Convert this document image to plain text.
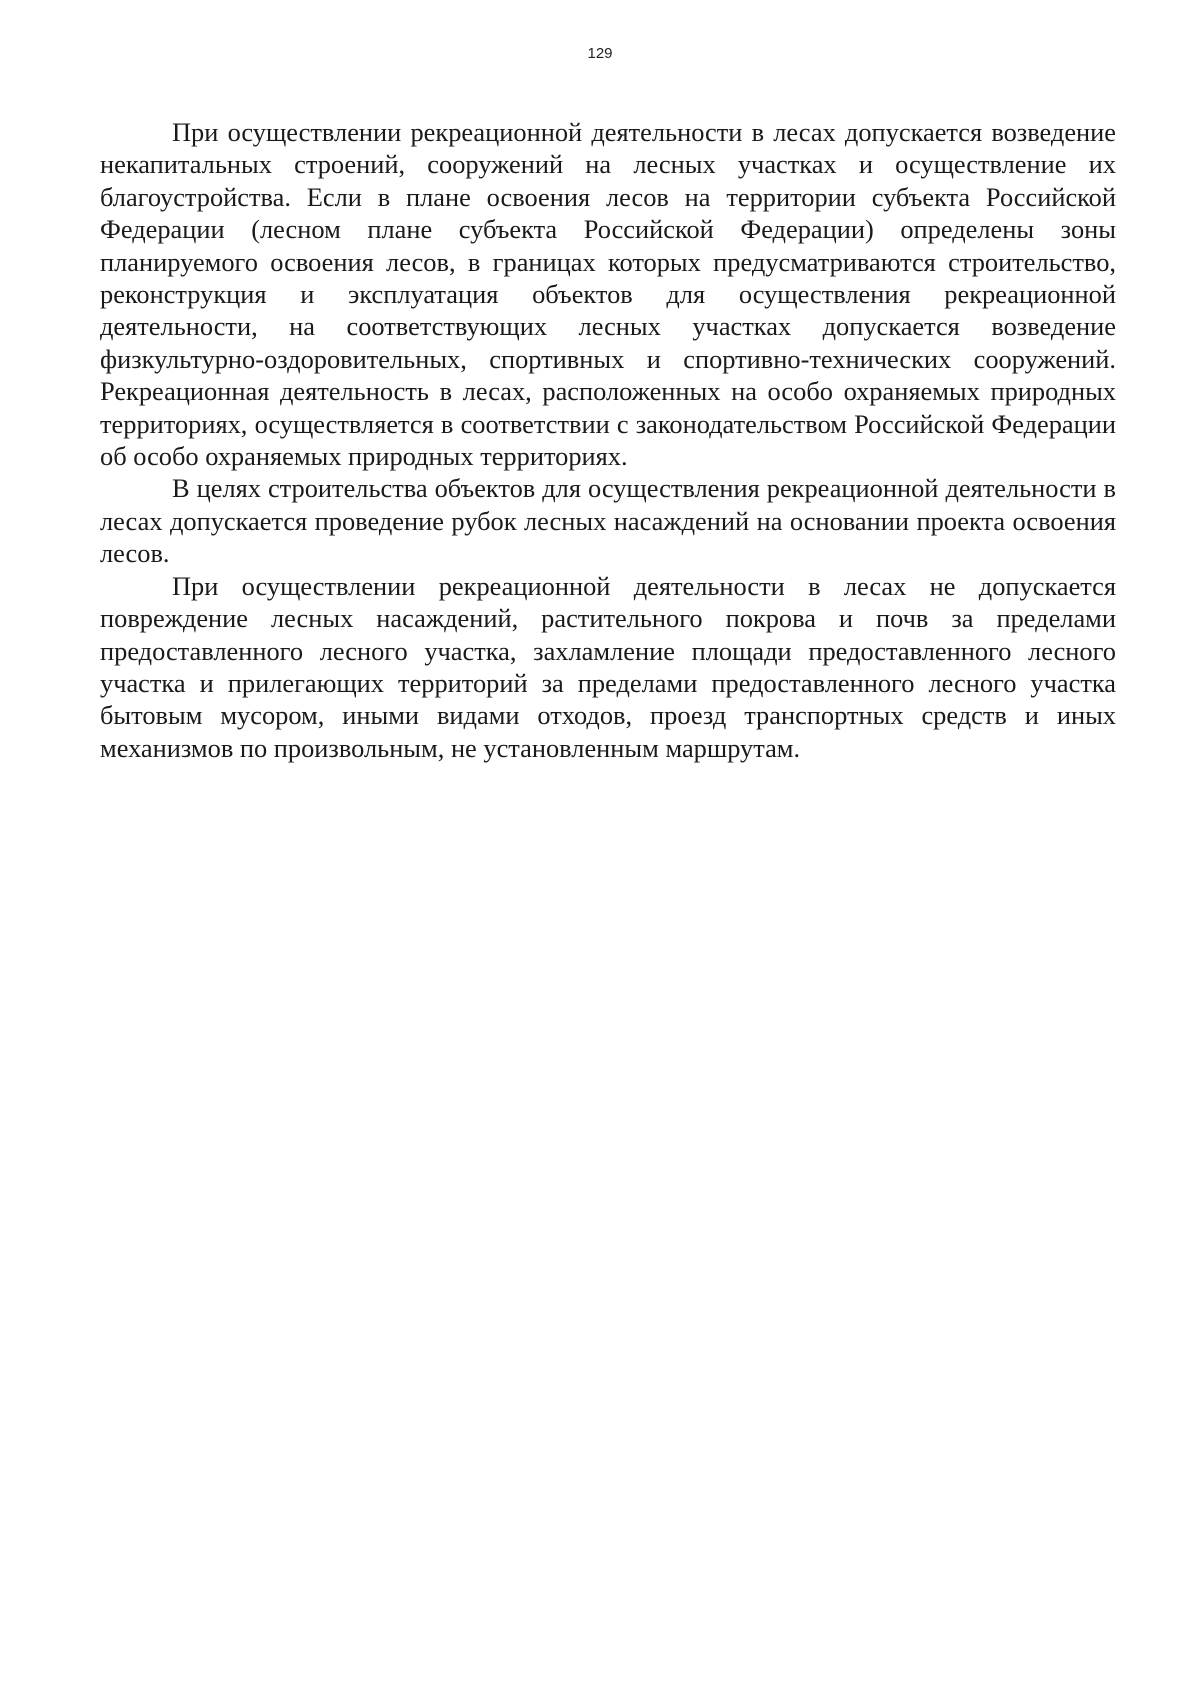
129

При осуществлении рекреационной деятельности в лесах допускается возведение некапитальных строений, сооружений на лесных участках и осуществление их благоустройства. Если в плане освоения лесов на территории субъекта Российской Федерации (лесном плане субъекта Российской Федерации) определены зоны планируемого освоения лесов, в границах которых предусматриваются строительство, реконструкция и эксплуатация объектов для осуществления рекреационной деятельности, на соответствующих лесных участках допускается возведение физкультурно-оздоровительных, спортивных и спортивно-технических сооружений. Рекреационная деятельность в лесах, расположенных на особо охраняемых природных территориях, осуществляется в соответствии с законодательством Российской Федерации об особо охраняемых природных территориях.

В целях строительства объектов для осуществления рекреационной деятельности в лесах допускается проведение рубок лесных насаждений на основании проекта освоения лесов.

При осуществлении рекреационной деятельности в лесах не допускается повреждение лесных насаждений, растительного покрова и почв за пределами предоставленного лесного участка, захламление площади предоставленного лесного участка и прилегающих территорий за пределами предоставленного лесного участка бытовым мусором, иными видами отходов, проезд транспортных средств и иных механизмов по произвольным, не установленным маршрутам.
